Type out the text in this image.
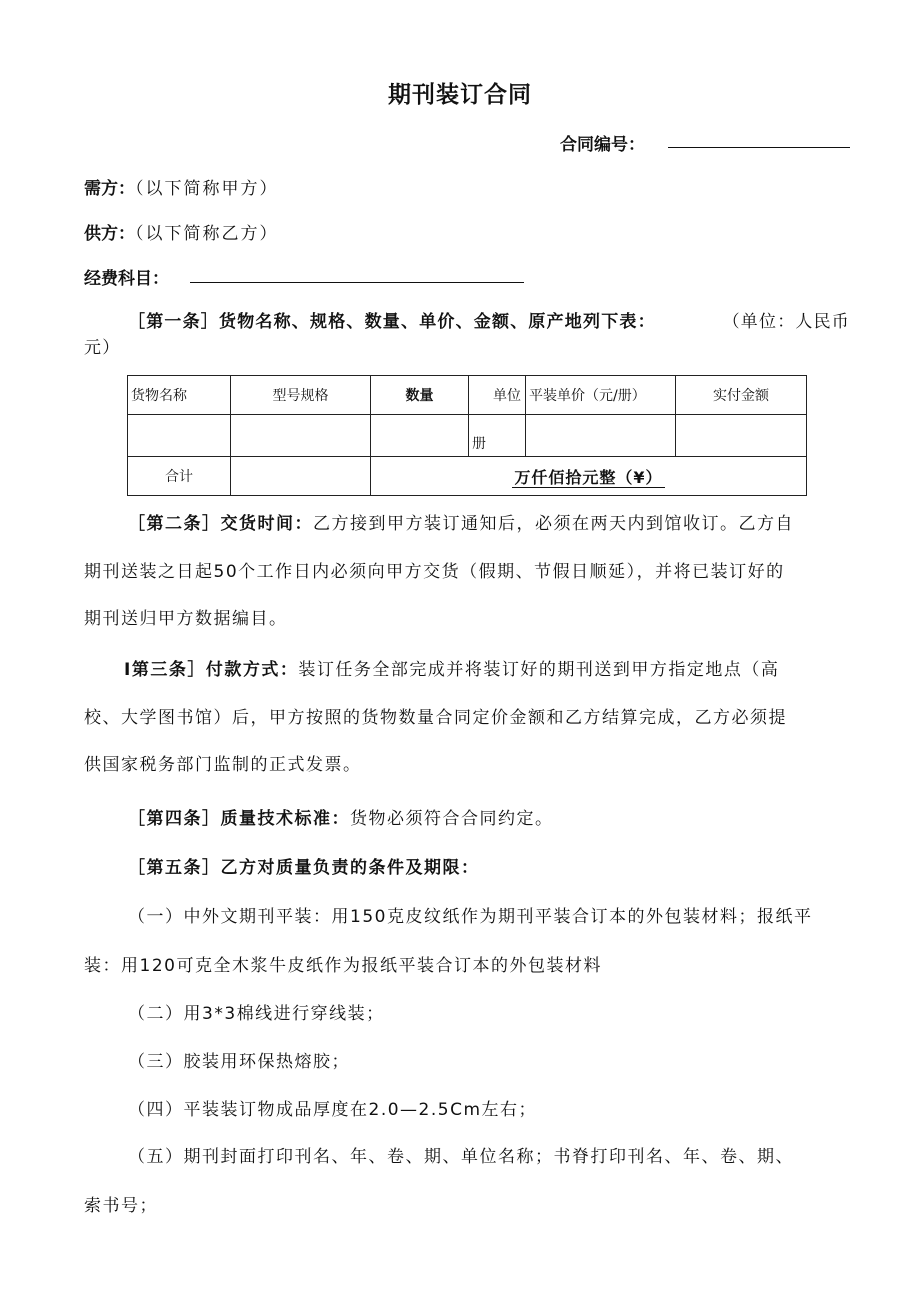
期刊装订合同
合同编号：
需方：（以下简称甲方）
供方：（以下简称乙方）
经费科目：
［第一条］货物名称、规格、数量、单价、金额、原产地列下表：	（单位：人民币
元）
货物名称	型号规格	数量	单位	平装单价（元/册）	实付金额
			册		
合计		万仟佰拾元整（¥）			
［第二条］交货时间：乙方接到甲方装订通知后，必须在两天内到馆收订。乙方自
期刊送装之日起50个工作日内必须向甲方交货（假期、节假日顺延），并将已装订好的
期刊送归甲方数据编目。
I第三条］付款方式：装订任务全部完成并将装订好的期刊送到甲方指定地点（高
校、大学图书馆）后，甲方按照的货物数量合同定价金额和乙方结算完成，乙方必须提
供国家税务部门监制的正式发票。
［第四条］质量技术标准：货物必须符合合同约定。
［第五条］乙方对质量负责的条件及期限：
（一）中外文期刊平装：用150克皮纹纸作为期刊平装合订本的外包装材料；报纸平
装：用120可克全木浆牛皮纸作为报纸平装合订本的外包装材料
（二）用3*3棉线进行穿线装；
（三）胶装用环保热熔胶；
（四）平装装订物成品厚度在2.0—2.5Cm左右；
（五）期刊封面打印刊名、年、卷、期、单位名称；书脊打印刊名、年、卷、期、
索书号；
